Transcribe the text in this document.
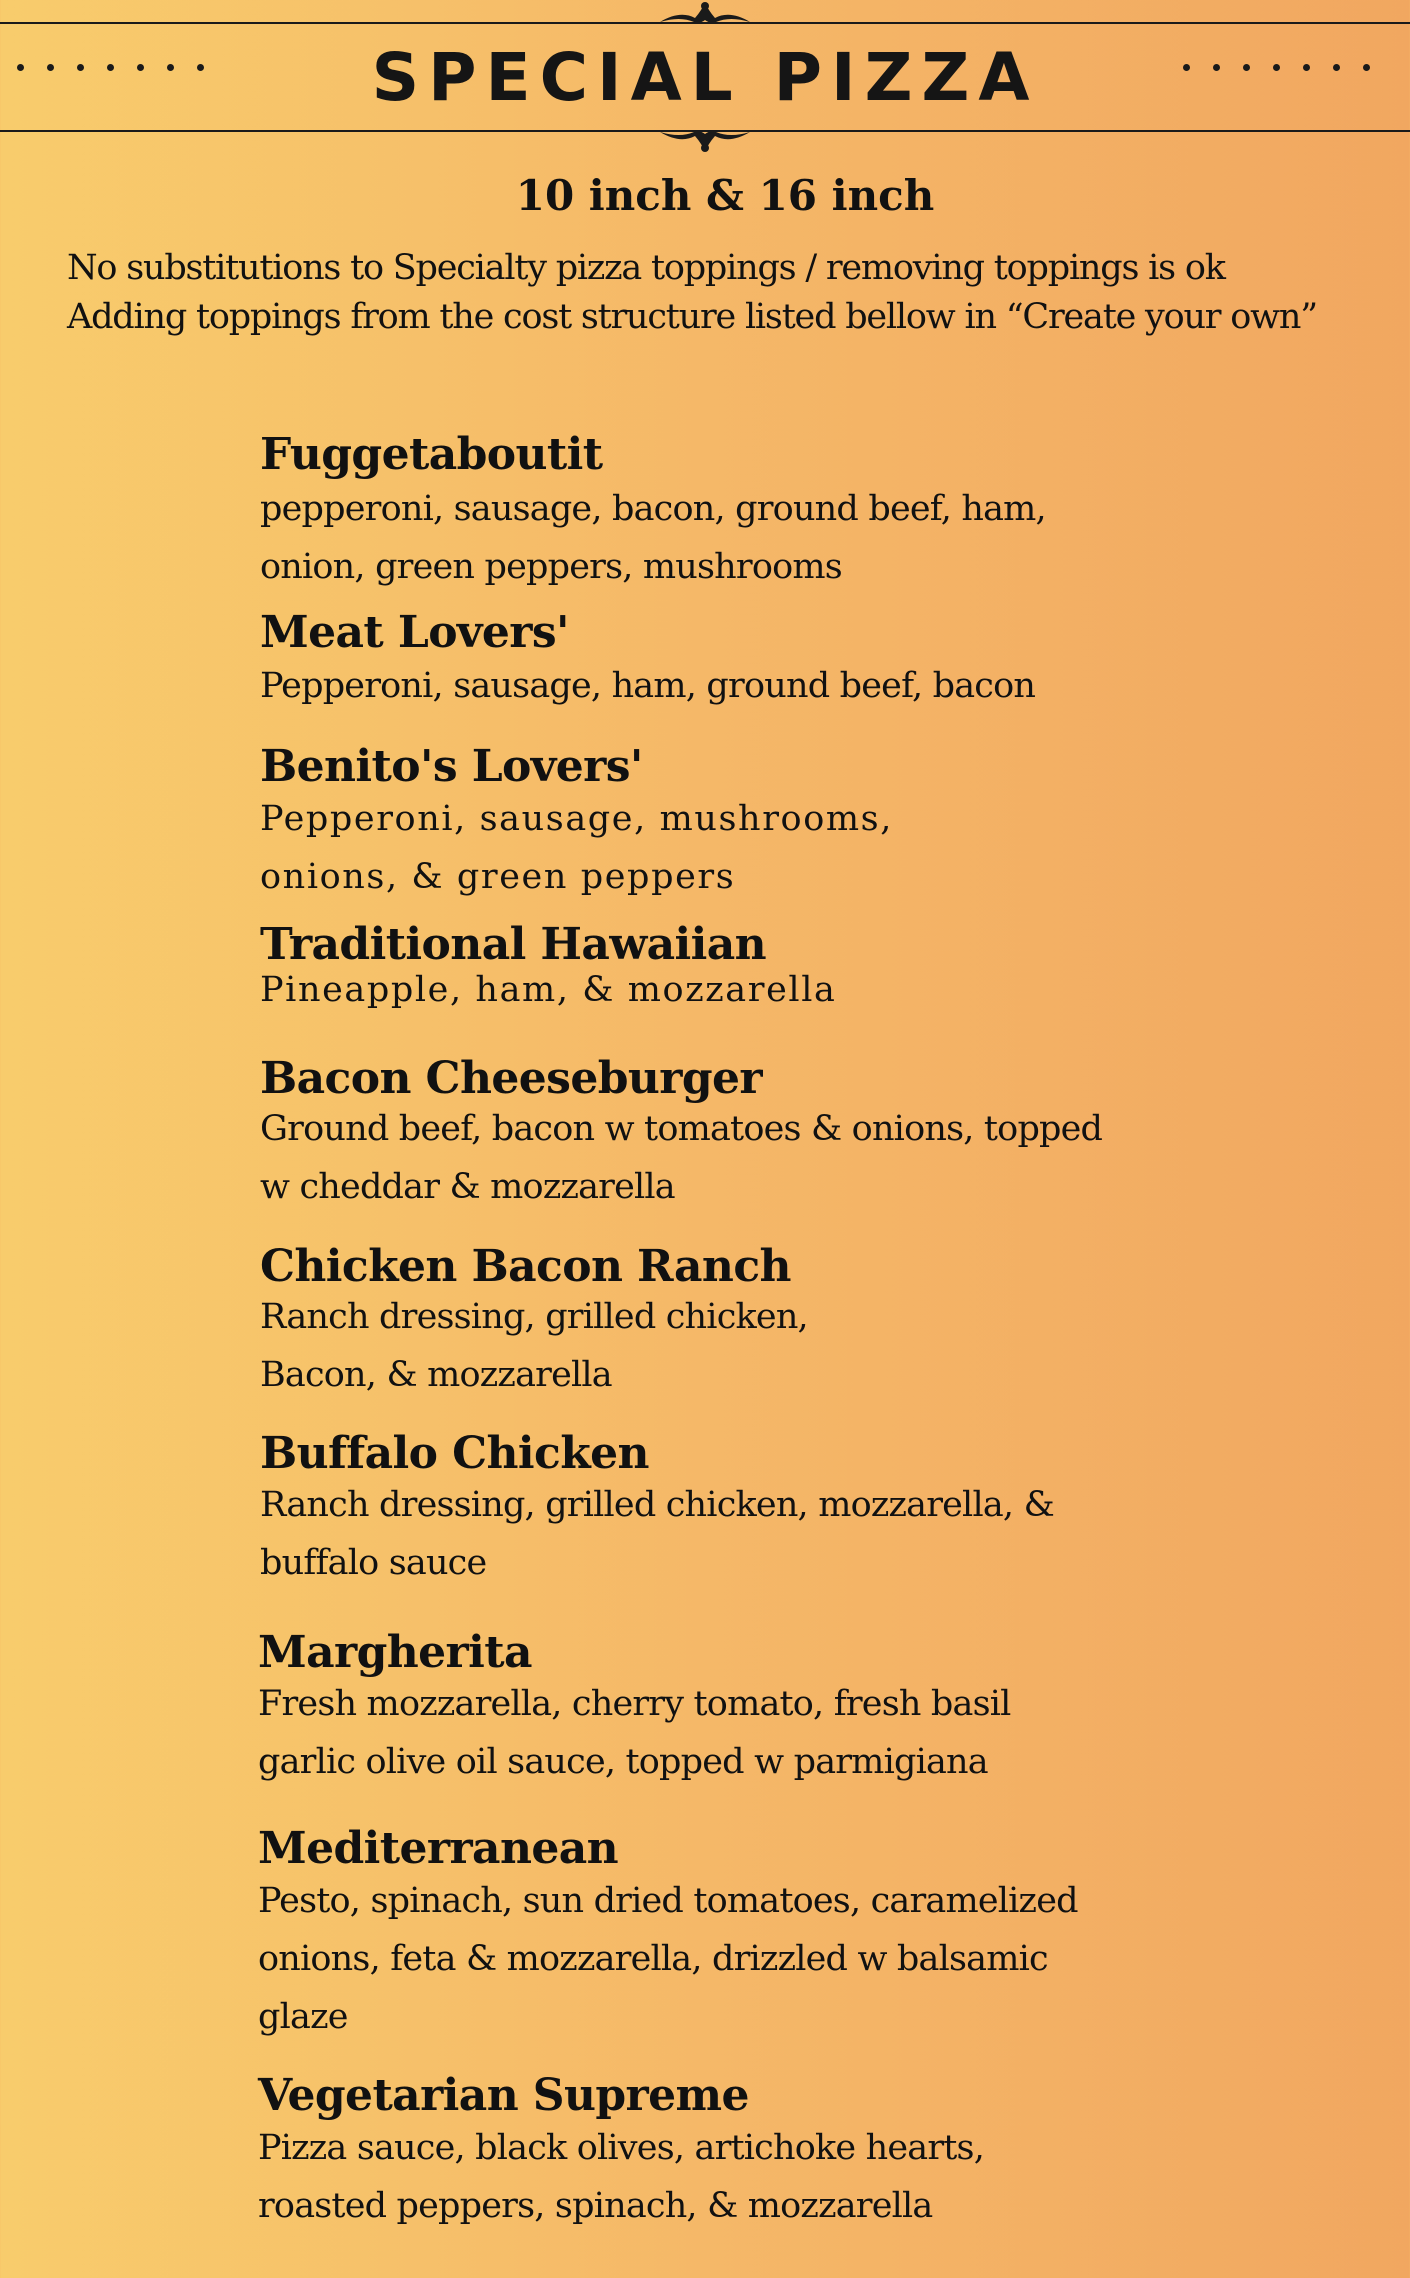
SPECIAL PIZZA
10 inch & 16 inch
No substitutions to Specialty pizza toppings / removing toppings is ok
Adding toppings from the cost structure listed bellow in “Create your own”
Fuggetaboutit
pepperoni, sausage, bacon, ground beef, ham,
onion, green peppers, mushrooms
Meat Lovers'
Pepperoni, sausage, ham, ground beef, bacon
Benito's Lovers'
Pepperoni, sausage, mushrooms,
onions, & green peppers
Traditional Hawaiian
Pineapple, ham, & mozzarella
Bacon Cheeseburger
Ground beef, bacon w tomatoes & onions, topped
w cheddar & mozzarella
Chicken Bacon Ranch
Ranch dressing, grilled chicken,
Bacon, & mozzarella
Buffalo Chicken
Ranch dressing, grilled chicken, mozzarella, &
buffalo sauce
Margherita
Fresh mozzarella, cherry tomato, fresh basil
garlic olive oil sauce, topped w parmigiana
Mediterranean
Pesto, spinach, sun dried tomatoes, caramelized
onions, feta & mozzarella, drizzled w balsamic
glaze
Vegetarian Supreme
Pizza sauce, black olives, artichoke hearts,
roasted peppers, spinach, & mozzarella
